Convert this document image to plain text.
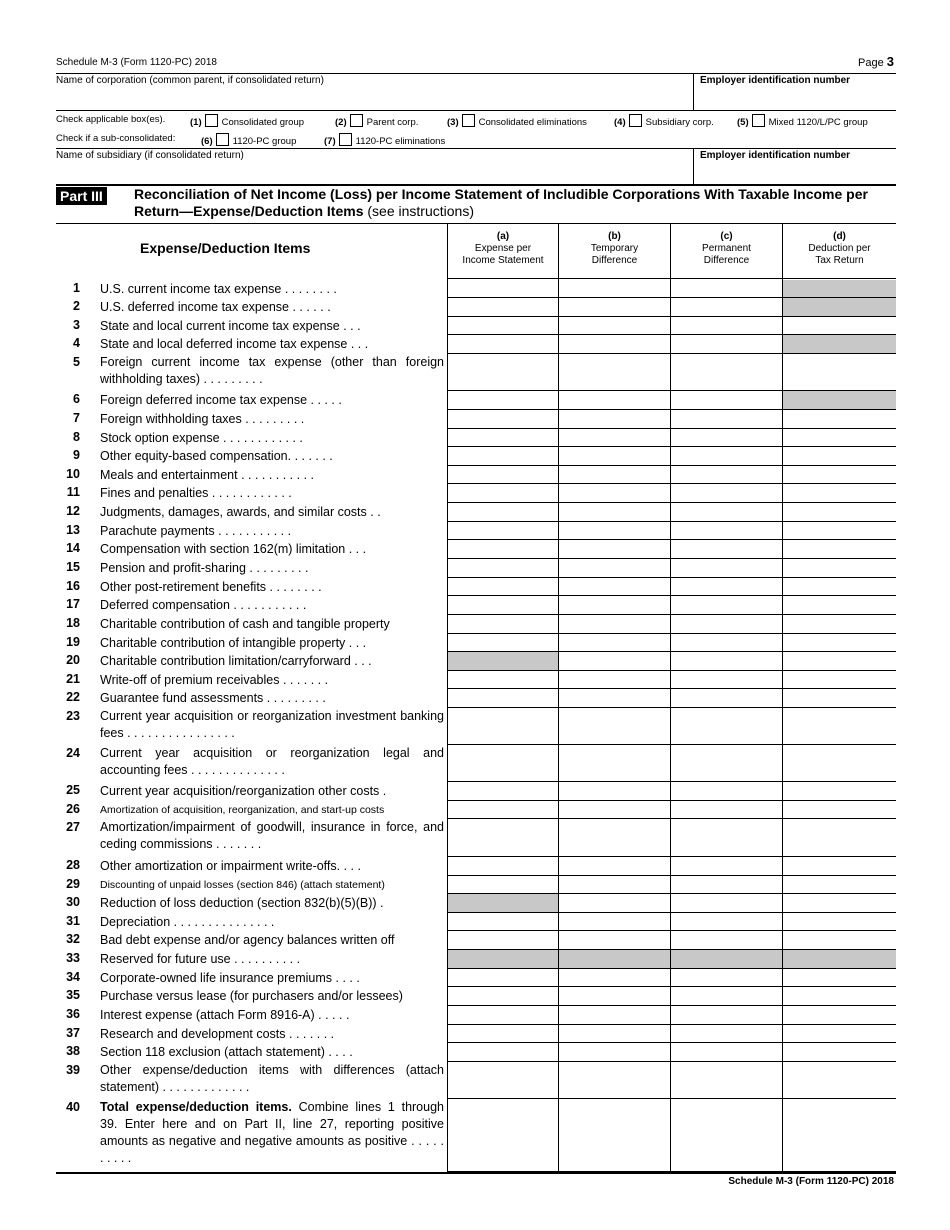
Schedule M-3 (Form 1120-PC) 2018	Page 3
Name of corporation (common parent, if consolidated return)	Employer identification number
Check applicable box(es).	(1) Consolidated group	(2) Parent corp.	(3) Consolidated eliminations	(4) Subsidiary corp. (5) Mixed 1120/L/PC group
Check if a sub-consolidated:	(6) 1120-PC group	(7) 1120-PC eliminations
Name of subsidiary (if consolidated return)	Employer identification number
Part III Reconciliation of Net Income (Loss) per Income Statement of Includible Corporations With Taxable Income per Return—Expense/Deduction Items (see instructions)
Expense/Deduction Items
(a)
Expense per
Income Statement
(b)
Temporary
Difference
(c)
Permanent
Difference
(d)
Deduction per
Tax Return
1 U.S. current income tax expense . . . . . . . .
2 U.S. deferred income tax expense . . . . . .
3 State and local current income tax expense . . .
4 State and local deferred income tax expense . . .
5 Foreign current income tax expense (other than foreign withholding taxes) . . . . . . . . .
6 Foreign deferred income tax expense . . . . .
7 Foreign withholding taxes . . . . . . . . .
8 Stock option expense . . . . . . . . . . . .
9 Other equity-based compensation. . . . . . .
10 Meals and entertainment . . . . . . . . . . .
11 Fines and penalties . . . . . . . . . . . .
12 Judgments, damages, awards, and similar costs . .
13 Parachute payments . . . . . . . . . . .
14 Compensation with section 162(m) limitation . . .
15 Pension and profit-sharing . . . . . . . . .
16 Other post-retirement benefits . . . . . . . .
17 Deferred compensation . . . . . . . . . . .
18 Charitable contribution of cash and tangible property
19 Charitable contribution of intangible property . . .
20 Charitable contribution limitation/carryforward . . .
21 Write-off of premium receivables . . . . . . .
22 Guarantee fund assessments . . . . . . . . .
23 Current year acquisition or reorganization investment banking fees . . . . . . . . . . . . . . . .
24 Current year acquisition or reorganization legal and accounting fees . . . . . . . . . . . . . .
25 Current year acquisition/reorganization other costs .
26 Amortization of acquisition, reorganization, and start-up costs
27 Amortization/impairment of goodwill, insurance in force, and ceding commissions . . . . . . .
28 Other amortization or impairment write-offs. . . .
29 Discounting of unpaid losses (section 846) (attach statement)
30 Reduction of loss deduction (section 832(b)(5)(B)) .
31 Depreciation . . . . . . . . . . . . . . .
32 Bad debt expense and/or agency balances written off
33 Reserved for future use . . . . . . . . . .
34 Corporate-owned life insurance premiums . . . .
35 Purchase versus lease (for purchasers and/or lessees)
36 Interest expense (attach Form 8916-A) . . . . .
37 Research and development costs . . . . . . .
38 Section 118 exclusion (attach statement) . . . .
39 Other expense/deduction items with differences (attach statement) . . . . . . . . . . . . .
40 Total expense/deduction items. Combine lines 1 through 39. Enter here and on Part II, line 27, reporting positive amounts as negative and negative amounts as positive . . . . . . . . . .
Schedule M-3 (Form 1120-PC) 2018
